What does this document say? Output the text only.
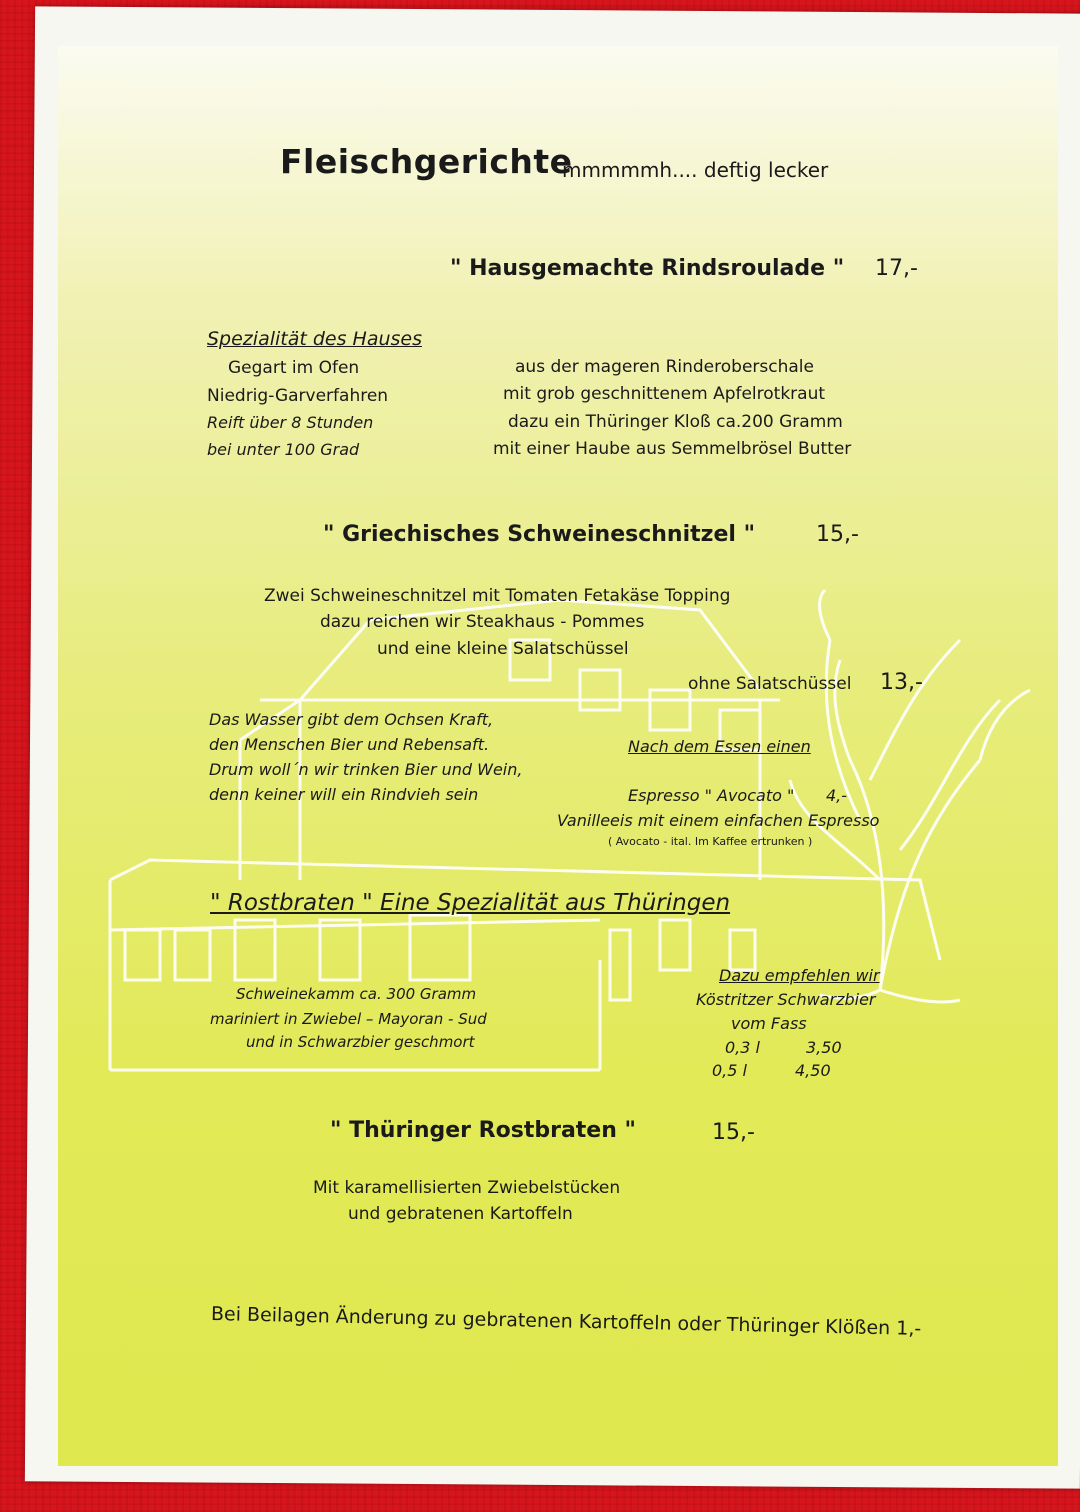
Fleischgerichte
mmmmmh.... deftig lecker
" Hausgemachte Rindsroulade " 17,-
Spezialität des Hauses
Gegart im Ofen
Niedrig-Garverfahren
Reift über 8 Stunden
bei unter 100 Grad
aus der mageren Rinderoberschale
mit grob geschnittenem Apfelrotkraut
dazu ein Thüringer Kloß ca.200 Gramm
mit einer Haube aus Semmelbrösel Butter
" Griechisches Schweineschnitzel "	15,-
Zwei Schweineschnitzel mit Tomaten Fetakäse Topping
dazu reichen wir Steakhaus - Pommes
und eine kleine Salatschüssel
ohne Salatschüssel 13,-
Das Wasser gibt dem Ochsen Kraft,
den Menschen Bier und Rebensaft.
Drum woll´n wir trinken Bier und Wein,
denn keiner will ein Rindvieh sein
Nach dem Essen einen
Espresso " Avocato " 4,-
Vanilleeis mit einem einfachen Espresso
( Avocato - ital. Im Kaffee ertrunken )
" Rostbraten " Eine Spezialität aus Thüringen
Schweinekamm ca. 300 Gramm
mariniert in Zwiebel – Mayoran - Sud
und in Schwarzbier geschmort
Dazu empfehlen wir
Köstritzer Schwarzbier
vom Fass
0,3 l	3,50
0,5 l	4,50
" Thüringer Rostbraten "	15,-
Mit karamellisierten Zwiebelstücken
und gebratenen Kartoffeln
Bei Beilagen Änderung zu gebratenen Kartoffeln oder Thüringer Klößen 1,-
